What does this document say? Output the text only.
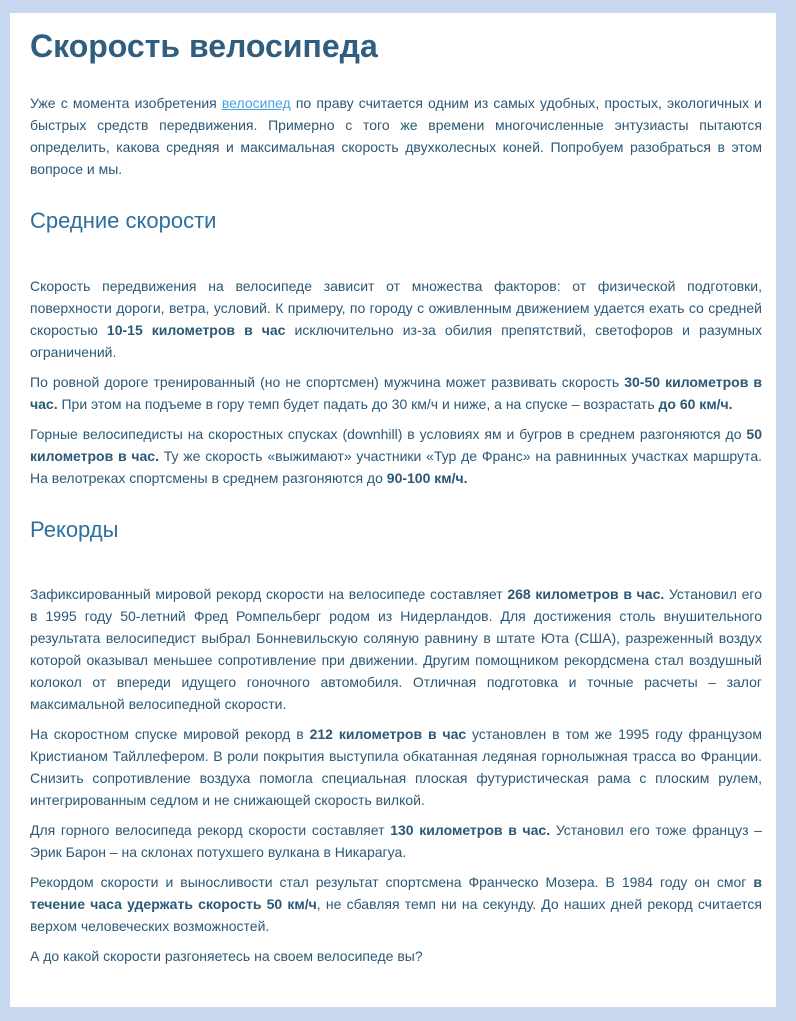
Скорость велосипеда

Уже с момента изобретения велосипед по праву считается одним из самых удобных, простых, экологичных и быстрых средств передвижения. Примерно с того же времени многочисленные энтузиасты пытаются определить, какова средняя и максимальная скорость двухколесных коней. Попробуем разобраться в этом вопросе и мы.

Средние скорости

Скорость передвижения на велосипеде зависит от множества факторов: от физической подготовки, поверхности дороги, ветра, условий. К примеру, по городу с оживленным движением удается ехать со средней скоростью 10-15 километров в час исключительно из-за обилия препятствий, светофоров и разумных ограничений.

По ровной дороге тренированный (но не спортсмен) мужчина может развивать скорость 30-50 километров в час. При этом на подъеме в гору темп будет падать до 30 км/ч и ниже, а на спуске – возрастать до 60 км/ч.

Горные велосипедисты на скоростных спусках (downhill) в условиях ям и бугров в среднем разгоняются до 50 километров в час. Ту же скорость «выжимают» участники «Тур де Франс» на равнинных участках маршрута. На велотреках спортсмены в среднем разгоняются до 90-100 км/ч.

Рекорды

Зафиксированный мировой рекорд скорости на велосипеде составляет 268 километров в час. Установил его в 1995 году 50-летний Фред Ромпельберг родом из Нидерландов. Для достижения столь внушительного результата велосипедист выбрал Бонневильскую соляную равнину в штате Юта (США), разреженный воздух которой оказывал меньшее сопротивление при движении. Другим помощником рекордсмена стал воздушный колокол от впереди идущего гоночного автомобиля. Отличная подготовка и точные расчеты – залог максимальной велосипедной скорости.

На скоростном спуске мировой рекорд в 212 километров в час установлен в том же 1995 году французом Кристианом Тайллефером. В роли покрытия выступила обкатанная ледяная горнолыжная трасса во Франции. Снизить сопротивление воздуха помогла специальная плоская футуристическая рама с плоским рулем, интегрированным седлом и не снижающей скорость вилкой.

Для горного велосипеда рекорд скорости составляет 130 километров в час. Установил его тоже француз – Эрик Барон – на склонах потухшего вулкана в Никарагуа.

Рекордом скорости и выносливости стал результат спортсмена Франческо Мозера. В 1984 году он смог в течение часа удержать скорость 50 км/ч, не сбавляя темп ни на секунду. До наших дней рекорд считается верхом человеческих возможностей.

А до какой скорости разгоняетесь на своем велосипеде вы?
